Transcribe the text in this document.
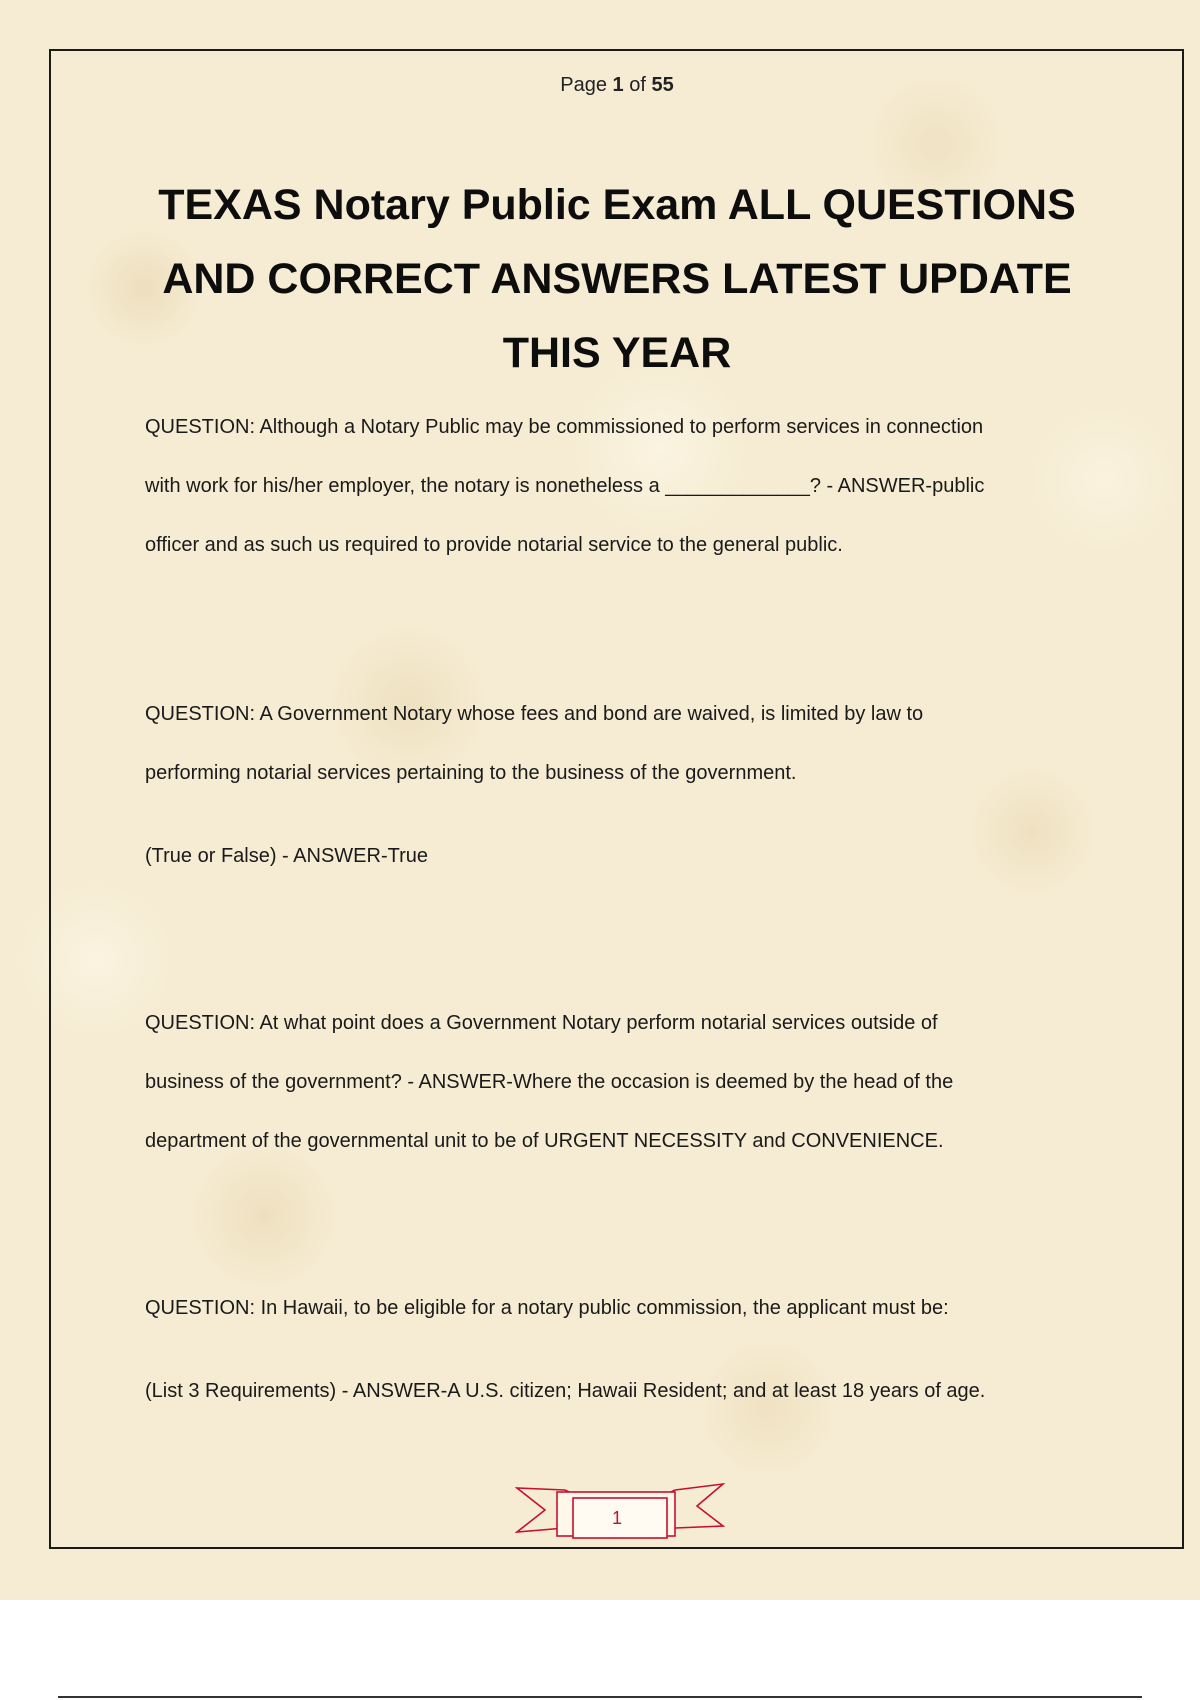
Page 1 of 55
TEXAS Notary Public Exam ALL QUESTIONS
AND CORRECT ANSWERS LATEST UPDATE
THIS YEAR
QUESTION: Although a Notary Public may be commissioned to perform services in connection
with work for his/her employer, the notary is nonetheless a _____________? - ANSWER-public
officer and as such us required to provide notarial service to the general public.
QUESTION: A Government Notary whose fees and bond are waived, is limited by law to
performing notarial services pertaining to the business of the government.
(True or False) - ANSWER-True
QUESTION: At what point does a Government Notary perform notarial services outside of
business of the government? - ANSWER-Where the occasion is deemed by the head of the
department of the governmental unit to be of URGENT NECESSITY and CONVENIENCE.
QUESTION: In Hawaii, to be eligible for a notary public commission, the applicant must be:
(List 3 Requirements) - ANSWER-A U.S. citizen; Hawaii Resident; and at least 18 years of age.
1
